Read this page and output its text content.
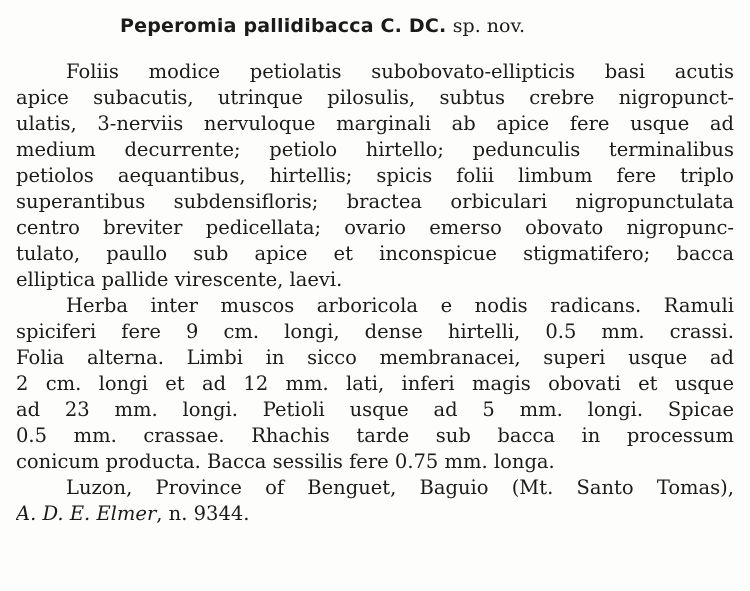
Peperomia pallidibacca C. DC. sp. nov.
Foliis modice petiolatis subobovato-ellipticis basi acutis
apice subacutis, utrinque pilosulis, subtus crebre nigropunct-
ulatis, 3-nerviis nervuloque marginali ab apice fere usque ad
medium decurrente; petiolo hirtello; pedunculis terminalibus
petiolos aequantibus, hirtellis; spicis folii limbum fere triplo
superantibus subdensifloris; bractea orbiculari nigropunctulata
centro breviter pedicellata; ovario emerso obovato nigropunc-
tulato, paullo sub apice et inconspicue stigmatifero; bacca
elliptica pallide virescente, laevi.
Herba inter muscos arboricola e nodis radicans. Ramuli
spiciferi fere 9 cm. longi, dense hirtelli, 0.5 mm. crassi.
Folia alterna. Limbi in sicco membranacei, superi usque ad
2 cm. longi et ad 12 mm. lati, inferi magis obovati et usque
ad 23 mm. longi. Petioli usque ad 5 mm. longi. Spicae
0.5 mm. crassae. Rhachis tarde sub bacca in processum
conicum producta. Bacca sessilis fere 0.75 mm. longa.
Luzon, Province of Benguet, Baguio (Mt. Santo Tomas),
A. D. E. Elmer, n. 9344.
